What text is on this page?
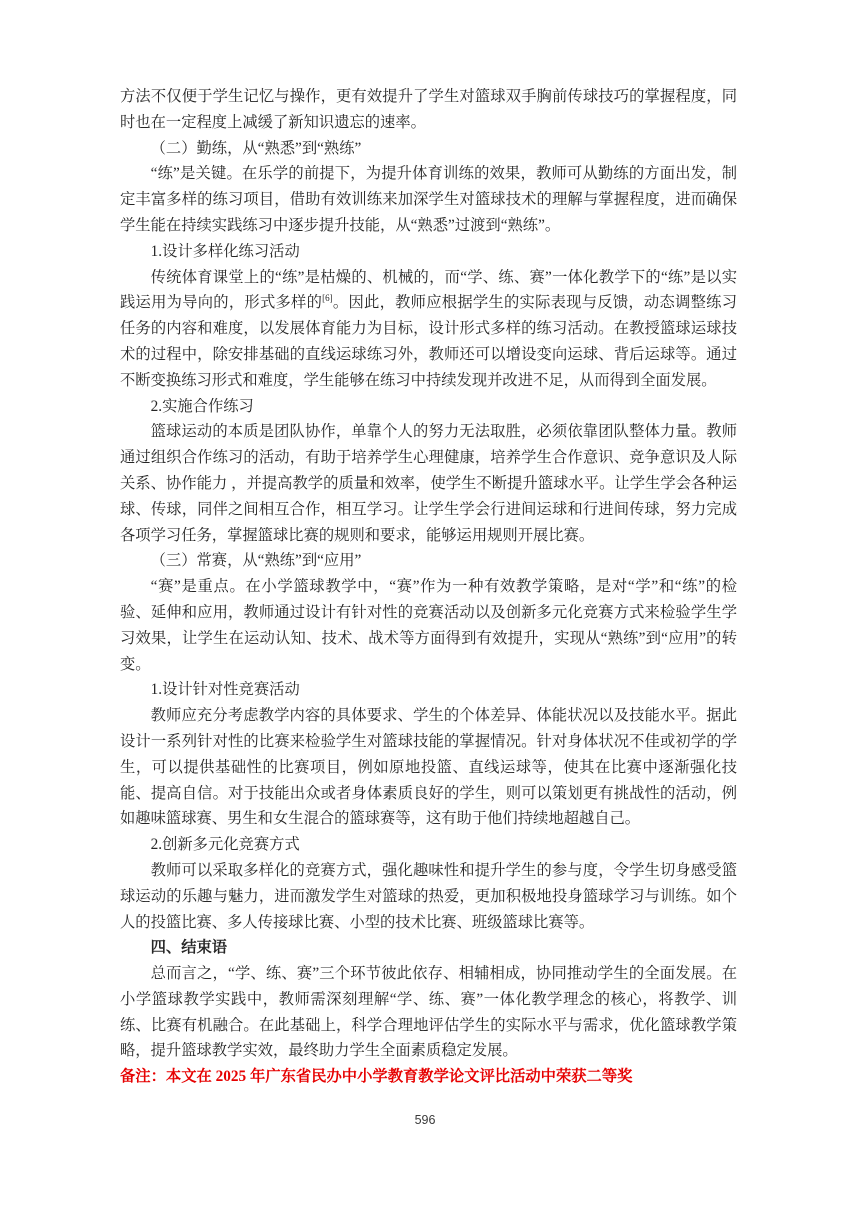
方法不仅便于学生记忆与操作，更有效提升了学生对篮球双手胸前传球技巧的掌握程度，同时也在一定程度上减缓了新知识遗忘的速率。

（二）勤练，从“熟悉”到“熟练”

“练”是关键。在乐学的前提下，为提升体育训练的效果，教师可从勤练的方面出发，制定丰富多样的练习项目，借助有效训练来加深学生对篮球技术的理解与掌握程度，进而确保学生能在持续实践练习中逐步提升技能，从“熟悉”过渡到“熟练”。

1.设计多样化练习活动

传统体育课堂上的“练”是枯燥的、机械的，而“学、练、赛”一体化教学下的“练”是以实践运用为导向的，形式多样的[6]。因此，教师应根据学生的实际表现与反馈，动态调整练习任务的内容和难度，以发展体育能力为目标，设计形式多样的练习活动。在教授篮球运球技术的过程中，除安排基础的直线运球练习外，教师还可以增设变向运球、背后运球等。通过不断变换练习形式和难度，学生能够在练习中持续发现并改进不足，从而得到全面发展。

2.实施合作练习

篮球运动的本质是团队协作，单靠个人的努力无法取胜，必须依靠团队整体力量。教师通过组织合作练习的活动，有助于培养学生心理健康，培养学生合作意识、竞争意识及人际关系、协作能力 ，并提高教学的质量和效率，使学生不断提升篮球水平。让学生学会各种运球、传球，同伴之间相互合作，相互学习。让学生学会行进间运球和行进间传球，努力完成各项学习任务，掌握篮球比赛的规则和要求，能够运用规则开展比赛。

（三）常赛，从“熟练”到“应用”

“赛”是重点。在小学篮球教学中，“赛”作为一种有效教学策略，是对“学”和“练”的检验、延伸和应用，教师通过设计有针对性的竞赛活动以及创新多元化竞赛方式来检验学生学习效果，让学生在运动认知、技术、战术等方面得到有效提升，实现从“熟练”到“应用”的转变。

1.设计针对性竞赛活动

教师应充分考虑教学内容的具体要求、学生的个体差异、体能状况以及技能水平。据此设计一系列针对性的比赛来检验学生对篮球技能的掌握情况。针对身体状况不佳或初学的学生，可以提供基础性的比赛项目，例如原地投篮、直线运球等，使其在比赛中逐渐强化技能、提高自信。对于技能出众或者身体素质良好的学生，则可以策划更有挑战性的活动，例如趣味篮球赛、男生和女生混合的篮球赛等，这有助于他们持续地超越自己。

2.创新多元化竞赛方式

教师可以采取多样化的竞赛方式，强化趣味性和提升学生的参与度，令学生切身感受篮球运动的乐趣与魅力，进而激发学生对篮球的热爱，更加积极地投身篮球学习与训练。如个人的投篮比赛、多人传接球比赛、小型的技术比赛、班级篮球比赛等。

四、结束语

总而言之，“学、练、赛”三个环节彼此依存、相辅相成，协同推动学生的全面发展。在小学篮球教学实践中，教师需深刻理解“学、练、赛”一体化教学理念的核心，将教学、训练、比赛有机融合。在此基础上，科学合理地评估学生的实际水平与需求，优化篮球教学策略，提升篮球教学实效，最终助力学生全面素质稳定发展。

备注：本文在 2025 年广东省民办中小学教育教学论文评比活动中荣获二等奖

596
